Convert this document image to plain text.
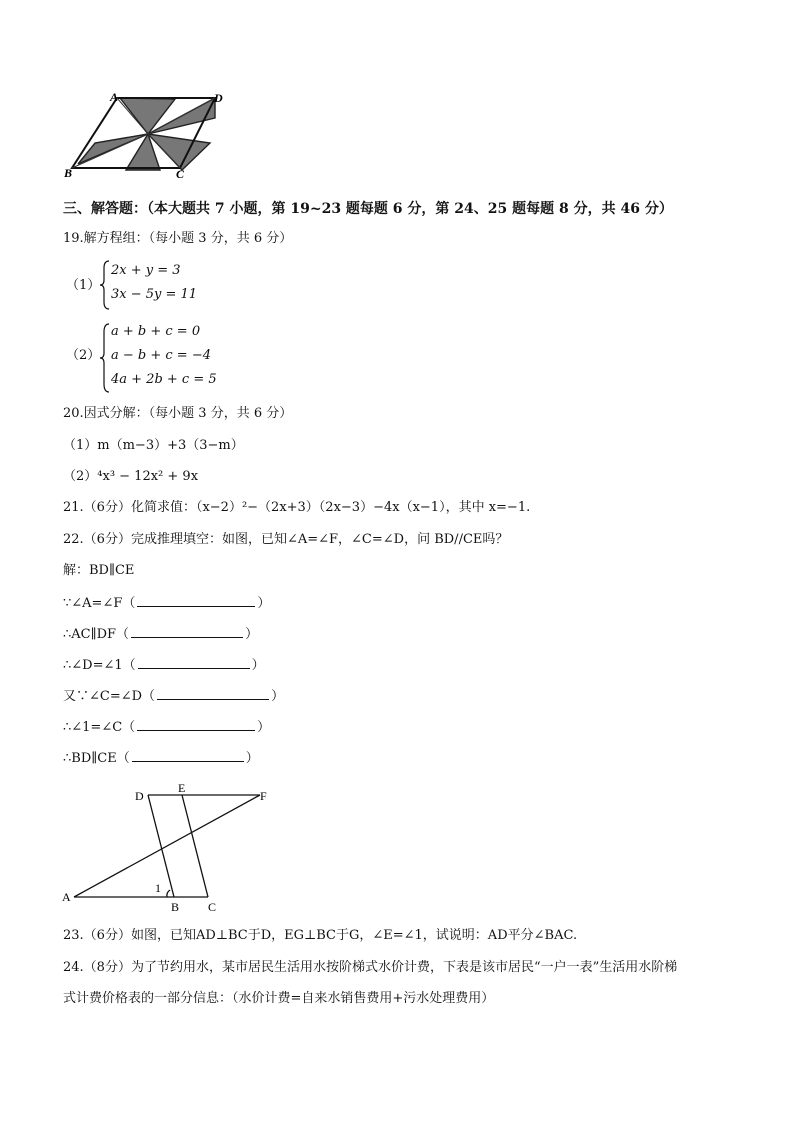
A	D
B	C
三、解答题：（本大题共 7 小题，第 19~23 题每题 6 分，第 24、25 题每题 8 分，共 46 分）
19.解方程组：（每小题 3 分，共 6 分）
（1）
2x + y = 3
3x − 5y = 11
（2）
a + b + c = 0
a − b + c = −4
4a + 2b + c = 5
20.因式分解：（每小题 3 分，共 6 分）
（1）m（m−3）+3（3−m）
（2）⁴x³ − 12x² + 9x
21.（6分）化简求值：（x−2）²−（2x+3）（2x−3）−4x（x−1），其中 x=−1.
22.（6分）完成推理填空：如图，已知∠A=∠F，∠C=∠D，问 BD//CE吗？
解：BD∥CE
∵∠A=∠F（	）
∴AC∥DF（	）
∴∠D=∠1（	）
又∵∠C=∠D（	）
∴∠1=∠C（	）
∴BD∥CE（	）
D
E
F
A
B C
1
23.（6分）如图，已知AD⊥BC于D，EG⊥BC于G，∠E=∠1，试说明：AD平分∠BAC.
24.（8分）为了节约用水，某市居民生活用水按阶梯式水价计费，下表是该市居民“一户一表”生活用水阶梯
式计费价格表的一部分信息：（水价计费=自来水销售费用+污水处理费用）
